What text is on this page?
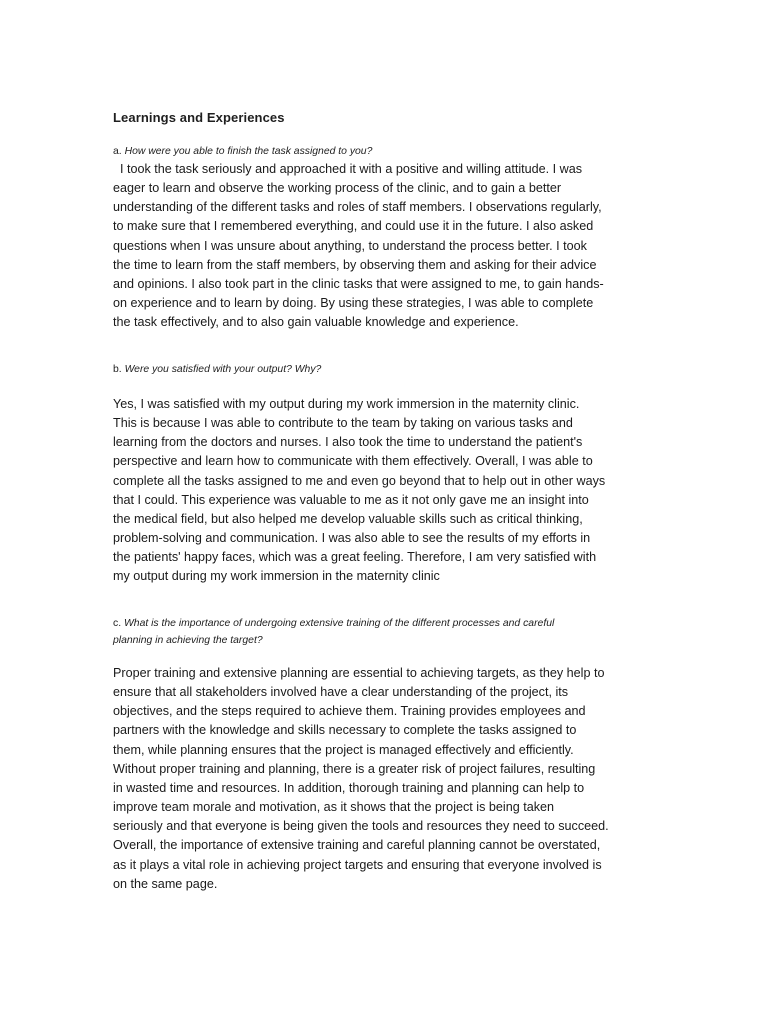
Learnings and Experiences
a. How were you able to finish the task assigned to you?
I took the task seriously and approached it with a positive and willing attitude. I was
eager to learn and observe the working process of the clinic, and to gain a better
understanding of the different tasks and roles of staff members. I observations regularly,
to make sure that I remembered everything, and could use it in the future. I also asked
questions when I was unsure about anything, to understand the process better. I took
the time to learn from the staff members, by observing them and asking for their advice
and opinions. I also took part in the clinic tasks that were assigned to me, to gain hands-
on experience and to learn by doing. By using these strategies, I was able to complete
the task effectively, and to also gain valuable knowledge and experience.
b. Were you satisfied with your output? Why?
Yes, I was satisfied with my output during my work immersion in the maternity clinic.
This is because I was able to contribute to the team by taking on various tasks and
learning from the doctors and nurses. I also took the time to understand the patient's
perspective and learn how to communicate with them effectively. Overall, I was able to
complete all the tasks assigned to me and even go beyond that to help out in other ways
that I could. This experience was valuable to me as it not only gave me an insight into
the medical field, but also helped me develop valuable skills such as critical thinking,
problem-solving and communication. I was also able to see the results of my efforts in
the patients' happy faces, which was a great feeling. Therefore, I am very satisfied with
my output during my work immersion in the maternity clinic
c. What is the importance of undergoing extensive training of the different processes and careful
planning in achieving the target?
Proper training and extensive planning are essential to achieving targets, as they help to
ensure that all stakeholders involved have a clear understanding of the project, its
objectives, and the steps required to achieve them. Training provides employees and
partners with the knowledge and skills necessary to complete the tasks assigned to
them, while planning ensures that the project is managed effectively and efficiently.
Without proper training and planning, there is a greater risk of project failures, resulting
in wasted time and resources. In addition, thorough training and planning can help to
improve team morale and motivation, as it shows that the project is being taken
seriously and that everyone is being given the tools and resources they need to succeed.
Overall, the importance of extensive training and careful planning cannot be overstated,
as it plays a vital role in achieving project targets and ensuring that everyone involved is
on the same page.
